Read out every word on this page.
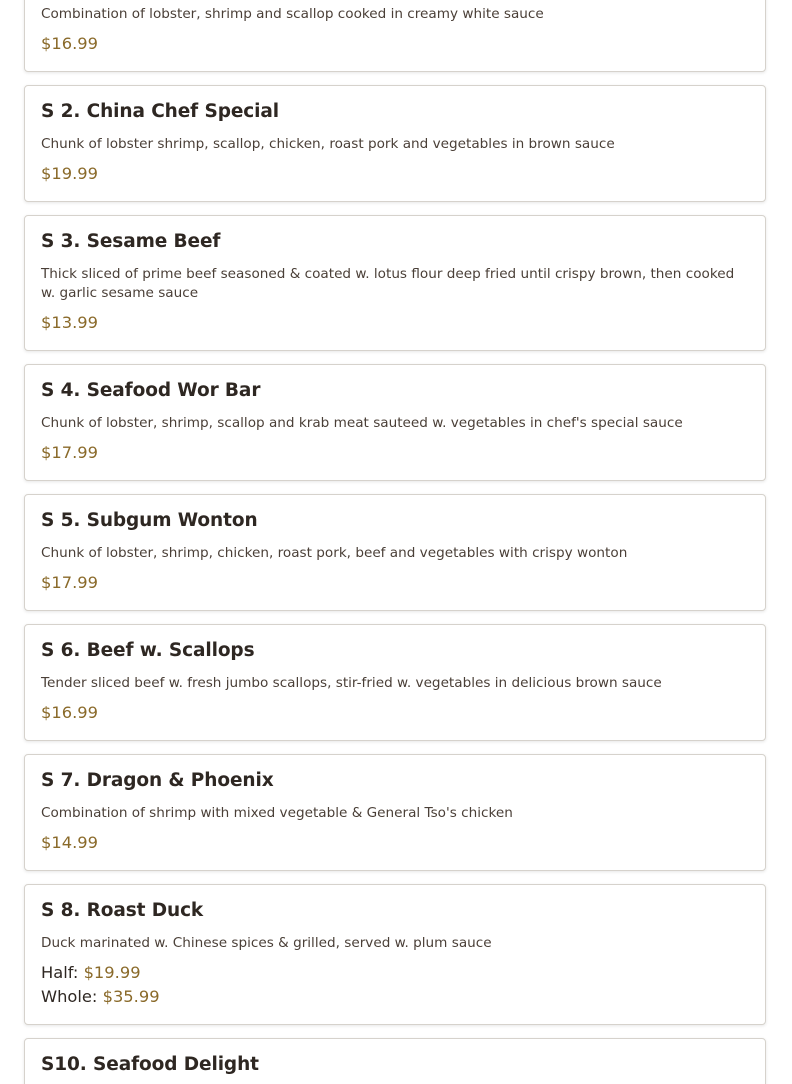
Combination of lobster, shrimp and scallop cooked in creamy white sauce

$16.99

S 2. China Chef Special

Chunk of lobster shrimp, scallop, chicken, roast pork and vegetables in brown sauce

$19.99

S 3. Sesame Beef

Thick sliced of prime beef seasoned & coated w. lotus flour deep fried until crispy brown, then cooked w. garlic sesame sauce

$13.99

S 4. Seafood Wor Bar

Chunk of lobster, shrimp, scallop and krab meat sauteed w. vegetables in chef's special sauce

$17.99

S 5. Subgum Wonton

Chunk of lobster, shrimp, chicken, roast pork, beef and vegetables with crispy wonton

$17.99

S 6. Beef w. Scallops

Tender sliced beef w. fresh jumbo scallops, stir-fried w. vegetables in delicious brown sauce

$16.99

S 7. Dragon & Phoenix

Combination of shrimp with mixed vegetable & General Tso's chicken

$14.99

S 8. Roast Duck

Duck marinated w. Chinese spices & grilled, served w. plum sauce

Half: $19.99

Whole: $35.99

S10. Seafood Delight
